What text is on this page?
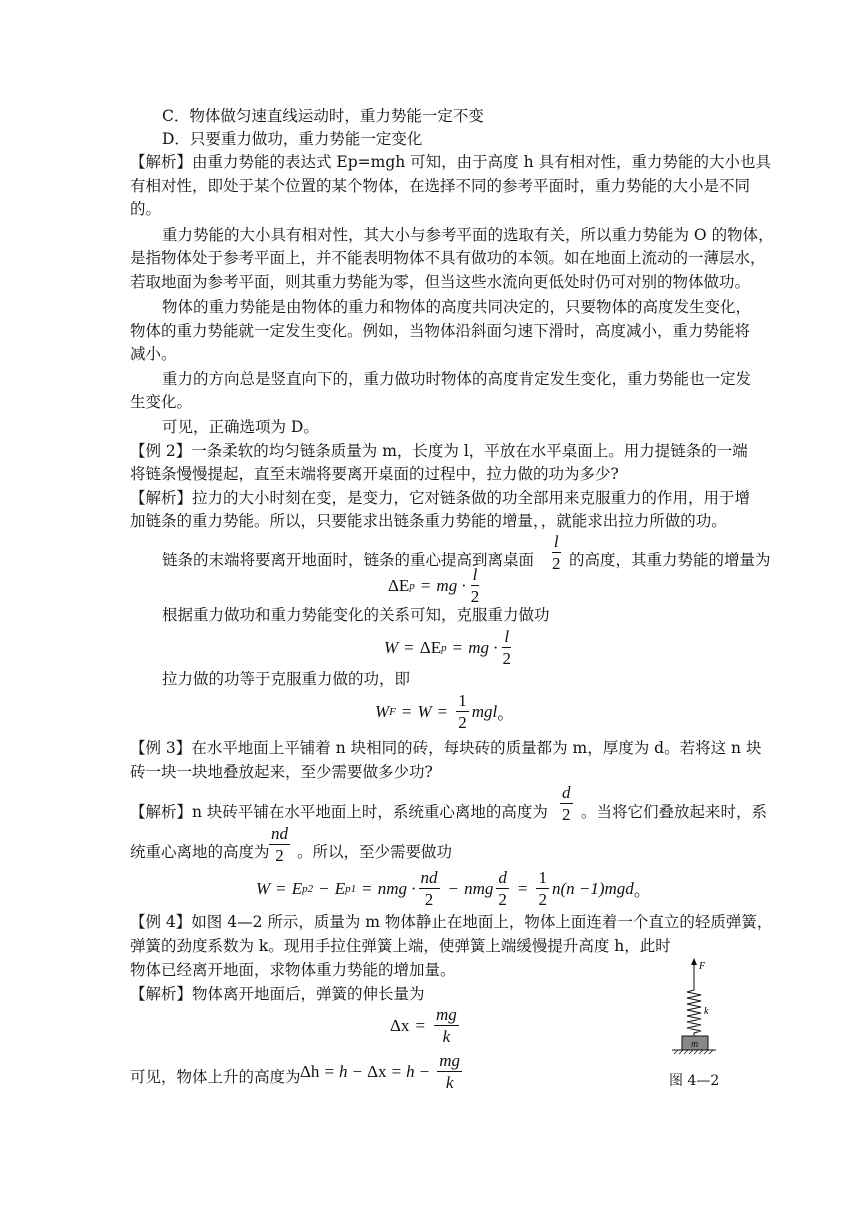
C．物体做匀速直线运动时，重力势能一定不变
D．只要重力做功，重力势能一定变化
【解析】由重力势能的表达式 Ep=mgh 可知，由于高度 h 具有相对性，重力势能的大小也具
有相对性，即处于某个位置的某个物体，在选择不同的参考平面时，重力势能的大小是不同
的。
重力势能的大小具有相对性，其大小与参考平面的选取有关，所以重力势能为 O 的物体，
是指物体处于参考平面上，并不能表明物体不具有做功的本领。如在地面上流动的一薄层水，
若取地面为参考平面，则其重力势能为零，但当这些水流向更低处时仍可对别的物体做功。
物体的重力势能是由物体的重力和物体的高度共同决定的，只要物体的高度发生变化，
物体的重力势能就一定发生变化。例如，当物体沿斜面匀速下滑时，高度减小，重力势能将
减小。
重力的方向总是竖直向下的，重力做功时物体的高度肯定发生变化，重力势能也一定发
生变化。
可见，正确选项为 D。
【例 2】一条柔软的均匀链条质量为 m，长度为 l，平放在水平桌面上。用力提链条的一端
将链条慢慢提起，直至末端将要离开桌面的过程中，拉力做的功为多少?
【解析】拉力的大小时刻在变，是变力，它对链条做的功全部用来克服重力的作用，用于增
加链条的重力势能。所以，只要能求出链条重力势能的增量，，就能求出拉力所做的功。
链条的末端将要离开地面时，链条的重心提高到离桌面 $\frac{l}{2}$ 的高度，其重力势能的增量为
ΔE p = mg · $\frac{l}{2}$
根据重力做功和重力势能变化的关系可知，克服重力做功
W = ΔE p = mg · $\frac{l}{2}$
拉力做的功等于克服重力做的功，即
W $F = W = \frac{1}{2}$ mgl 。
【例 3】在水平地面上平铺着 n 块相同的砖，每块砖的质量都为 m，厚度为 d。若将这 n 块
砖一块一块地叠放起来，至少需要做多少功?
【解析】n 块砖平铺在水平地面上时，系统重心离地的高度为 $\frac{d}{2}$ 。当将它们叠放起来时，系
统重心离地的高度为 $\frac{nd}{2}$ 。所以，至少需要做功
W = E p2 − E p1 = nmg · $\frac{nd}{2}$ − nmg $\frac{d}{2} = \frac{1}{2} n(n -1)mgd$ 。
【例 4】如图 4—2 所示，质量为 m 物体静止在地面上，物体上面连着一个直立的轻质弹簧，
弹簧的劲度系数为 k。现用手拉住弹簧上端，使弹簧上端缓慢提升高度 h，此时
物体已经离开地面，求物体重力势能的增加量。
【解析】物体离开地面后，弹簧的伸长量为
$\Delta x = \frac{mg}{k}$
可见，物体上升的高度为 $\Delta h = h - \Delta x = h - \frac{mg}{k}$
F
k
m
图 4—2
